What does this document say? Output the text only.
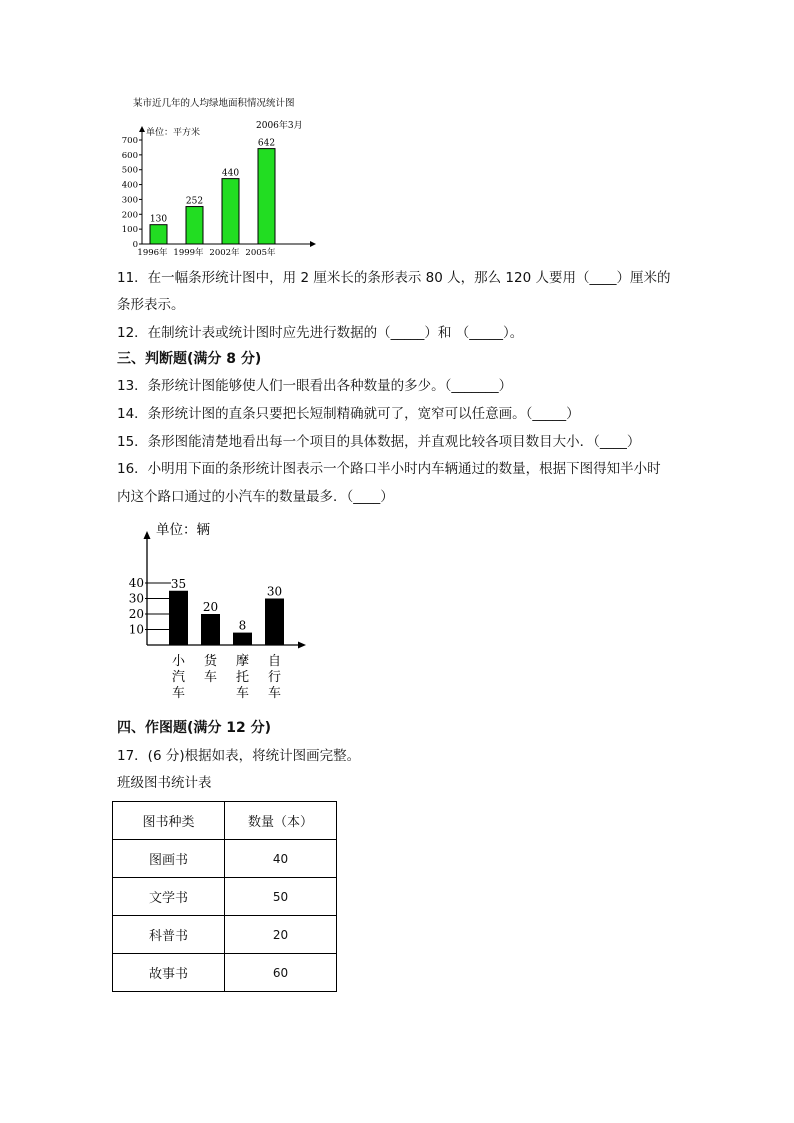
某市近几年的人均绿地面积情况统计图
2006年3月
单位：平方米
0
100
200
300
400
500
600
700
130
252
440
642
1996年 1999年 2002年 2005年
11．在一幅条形统计图中，用 2 厘米长的条形表示 80 人，那么 120 人要用（____）厘米的
条形表示。
12．在制统计表或统计图时应先进行数据的（_____）和 （_____）。
三、判断题(满分 8 分)
13．条形统计图能够使人们一眼看出各种数量的多少。（_______）
14．条形统计图的直条只要把长短制精确就可了，宽窄可以任意画。（_____）
15．条形图能清楚地看出每一个项目的具体数据，并直观比较各项目数目大小．（____）
16．小明用下面的条形统计图表示一个路口半小时内车辆通过的数量，根据下图得知半小时
内这个路口通过的小汽车的数量最多．（____）
单位：辆
10
20
30
40 35
20
8
30
小汽车
货车
摩托车
自行车
四、作图题(满分 12 分)
17．(6 分)根据如表，将统计图画完整。
班级图书统计表
图书种类	数量（本）
图画书	40
文学书	50
科普书	20
故事书	60
